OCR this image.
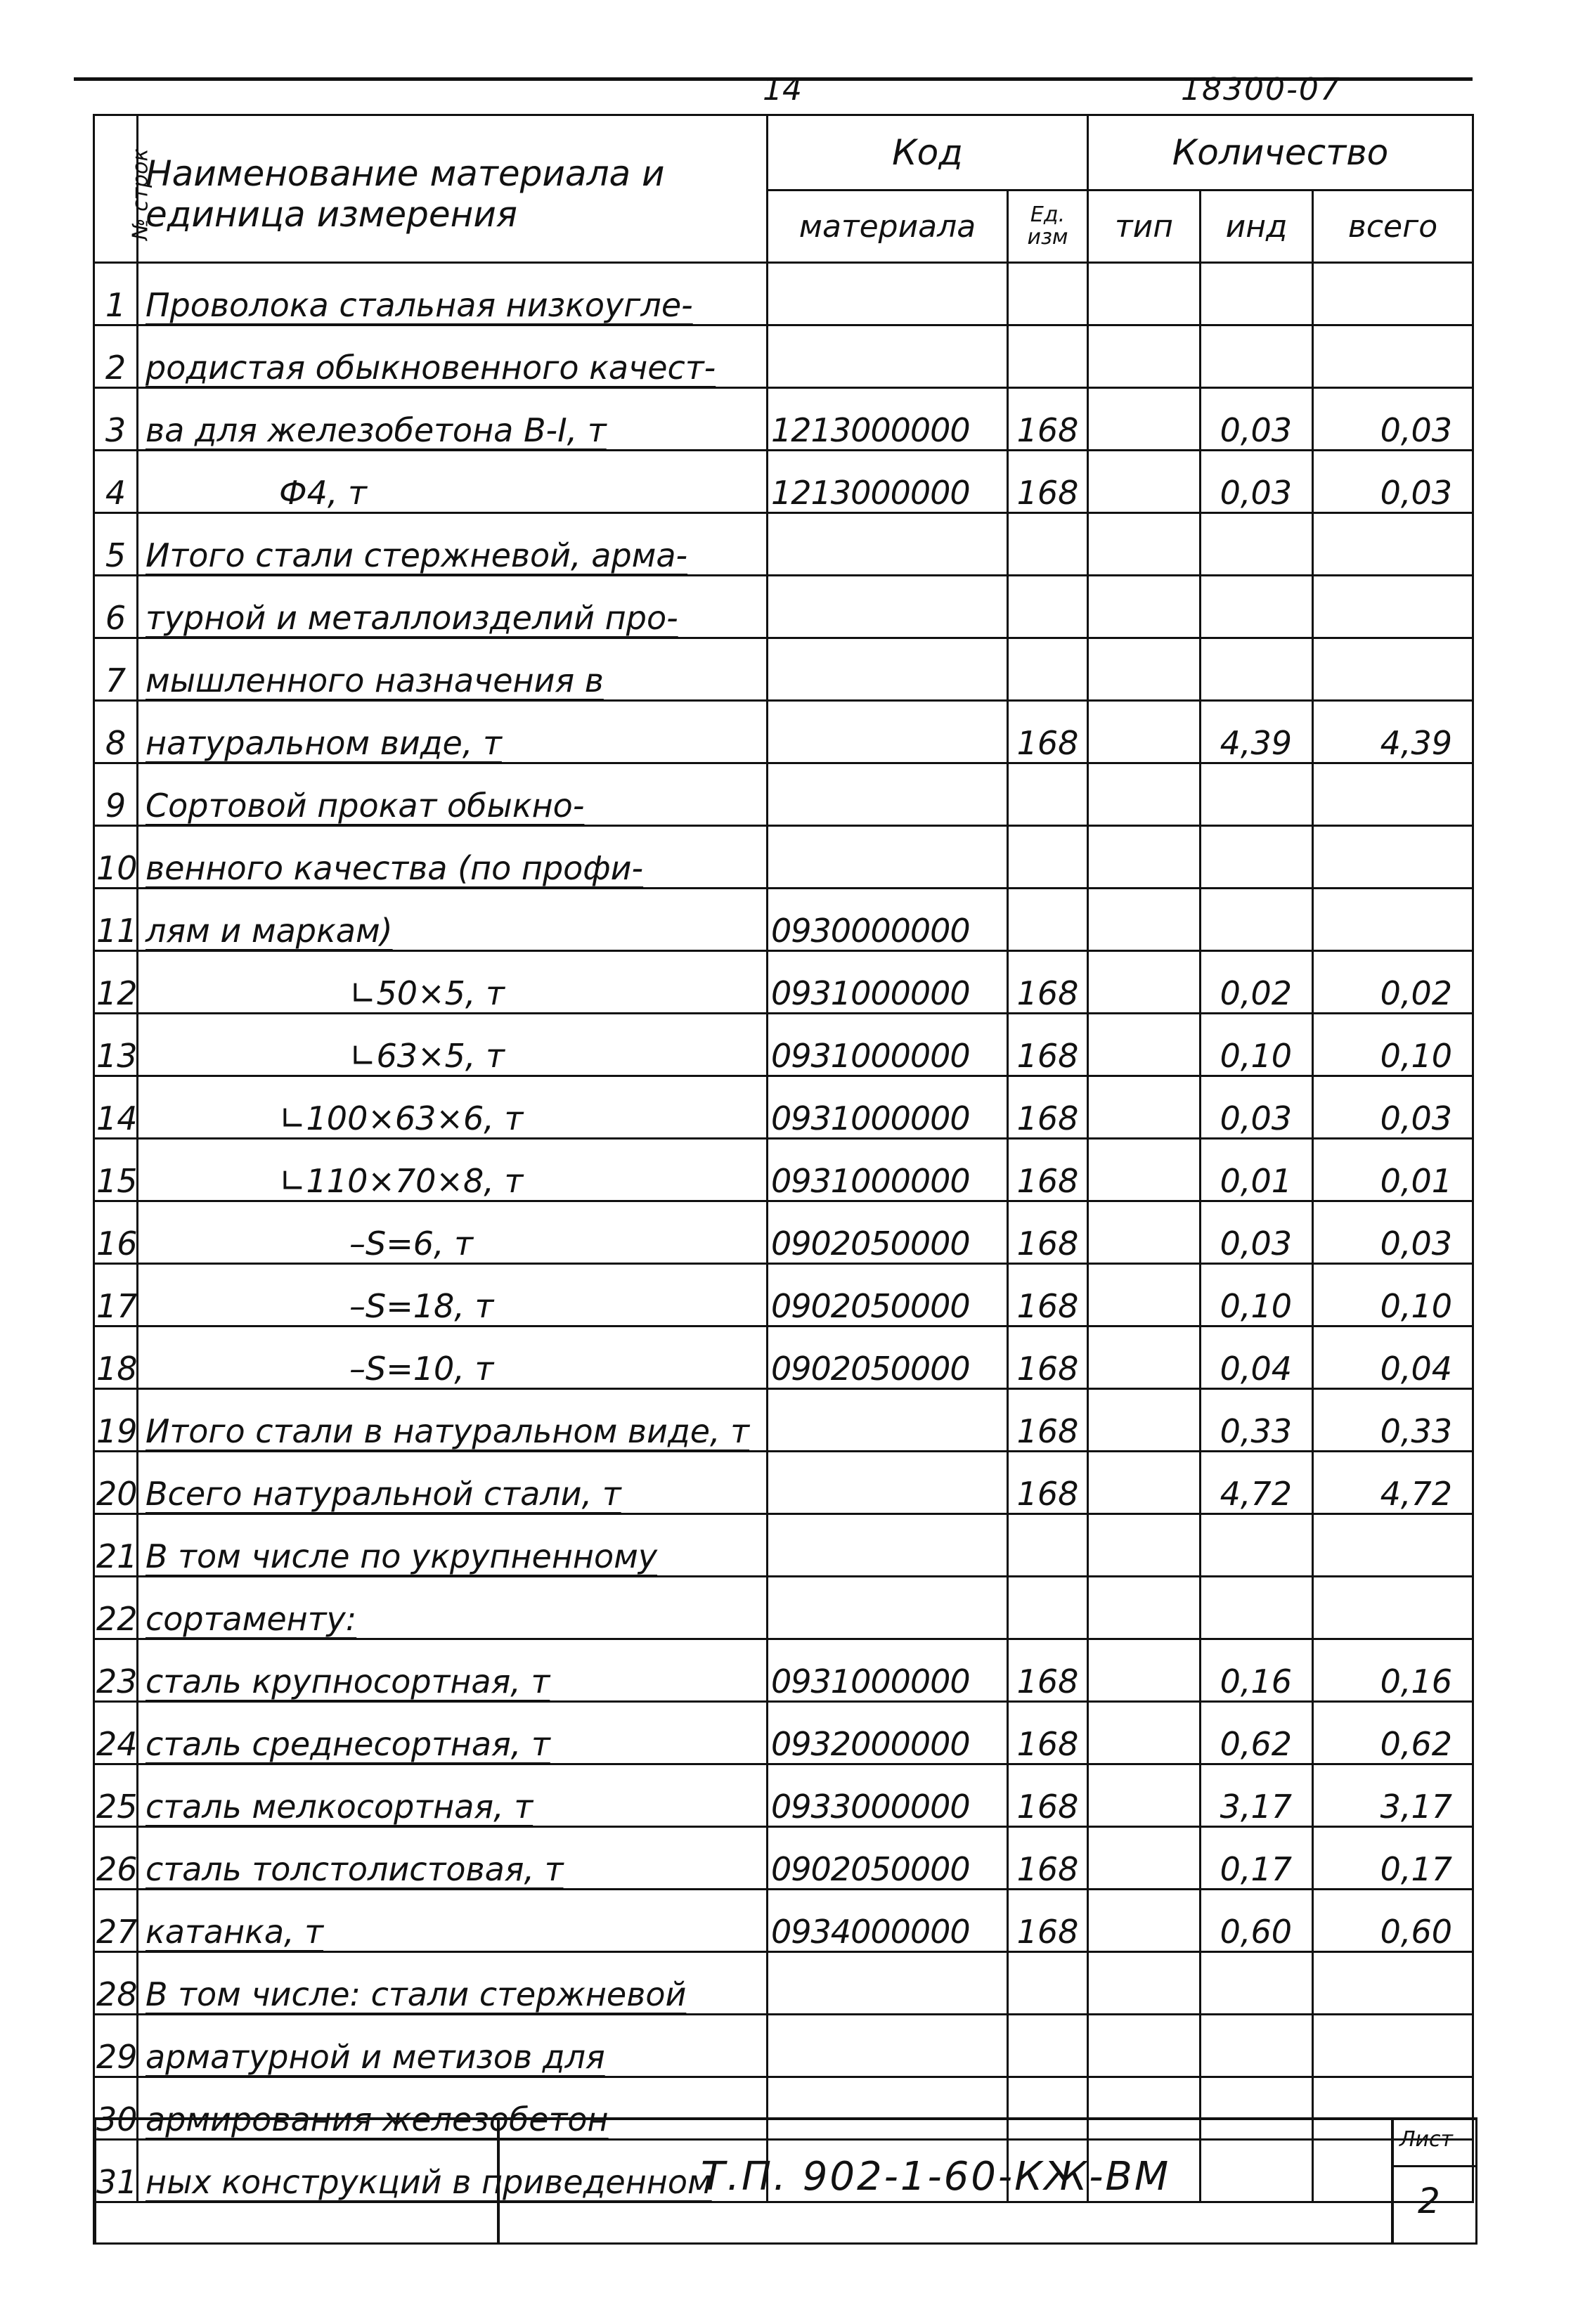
14	18300-07
№ строк	Наименование материала и единица измерения	Код		Количество		
		материала	Ед. изм	тип	инд	всего
1	Проволока стальная низкоуглe-					
2	родистая обыкновенного качест-					
3	ва для железобетона В-I, т	1213000000	168		0,03	0,03
4	Ф4, т	1213000000	168		0,03	0,03
5	Итого стали стержневой, арма-					
6	турной и металлоизделий про-					
7	мышленного назначения в					
8	натуральном виде, т		168		4,39	4,39
9	Сортовой прокат обыкно-					
10	венного качества (по профи-					
11	лям и маркам)	0930000000				
12	∟50×5, т	0931000000	168		0,02	0,02
13	∟63×5, т	0931000000	168		0,10	0,10
14	∟100×63×6, т	0931000000	168		0,03	0,03
15	∟110×70×8, т	0931000000	168		0,01	0,01
16	–S=6, т	0902050000	168		0,03	0,03
17	–S=18, т	0902050000	168		0,10	0,10
18	–S=10, т	0902050000	168		0,04	0,04
19	Итого стали в натуральном виде, т		168		0,33	0,33
20	Всего натуральной стали, т		168		4,72	4,72
21	В том числе по укрупненному					
22	сортаменту:					
23	сталь крупносортная, т	0931000000	168		0,16	0,16
24	сталь среднесортная, т	0932000000	168		0,62	0,62
25	сталь мелкосортная, т	0933000000	168		3,17	3,17
26	сталь толстолистовая, т	0902050000	168		0,17	0,17
27	катанка, т	0934000000	168		0,60	0,60
28	В том числе: стали стержневой					
29	арматурной и метизов для					
30	армирования железобетон					
31	ных конструкций в приведенном					
Т.П. 902-1-60-КЖ-ВМ
Лист
2
